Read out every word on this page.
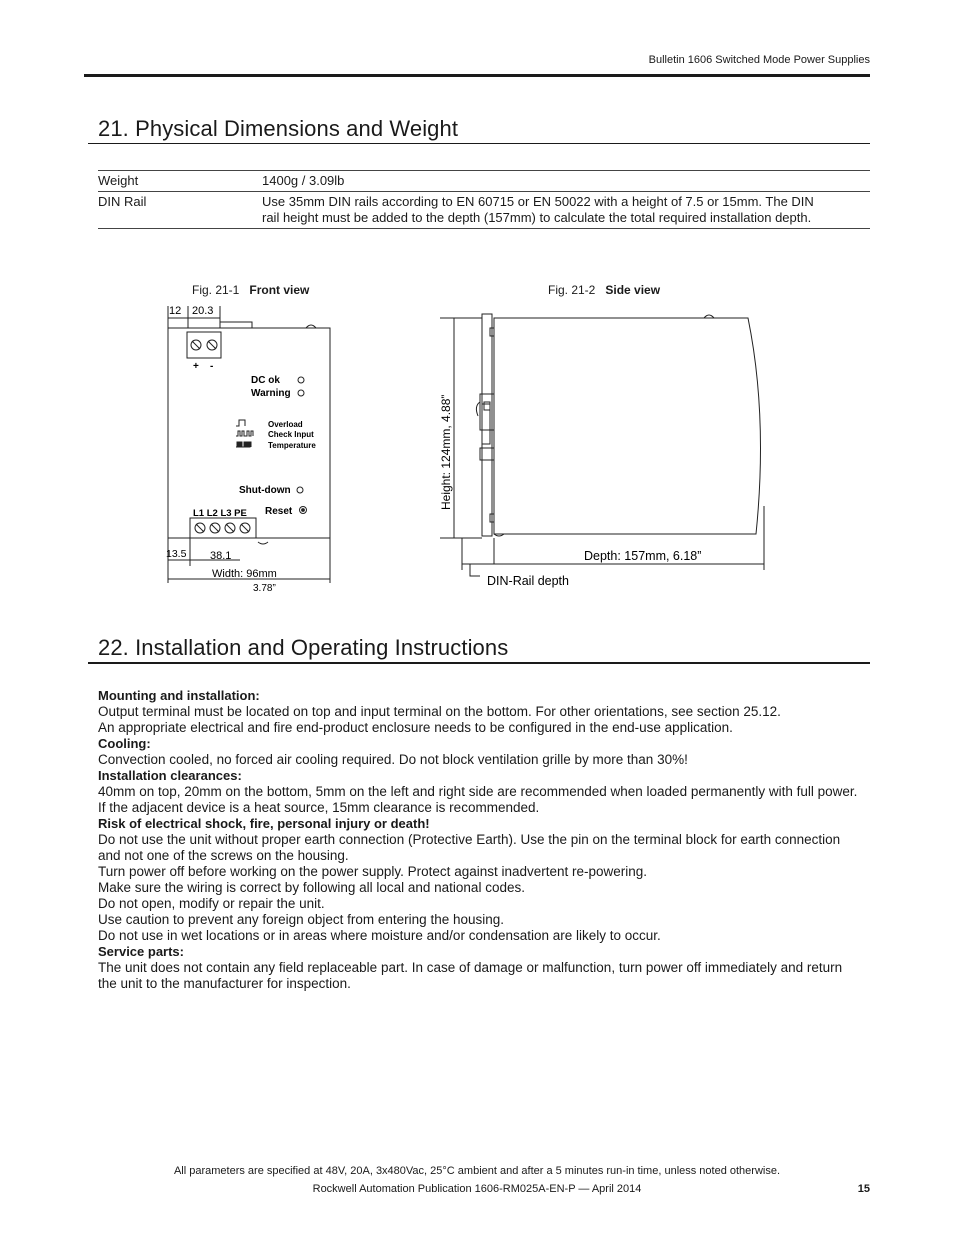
Bulletin 1606 Switched Mode Power Supplies
21. Physical Dimensions and Weight
Weight	1400g / 3.09lb
DIN Rail	Use 35mm DIN rails according to EN 60715 or EN 50022 with a height of 7.5 or 15mm. The DIN rail height must be added to the depth (157mm) to calculate the total required installation depth.
Fig. 21-1 Front view	Fig. 21-2 Side view
12 20.3
+ -
DC ok
Warning
Overload
Check Input
Temperature
Shut-down
Reset
L1 L2 L3 PE
13.5 38.1
Width: 96mm
3.78”
Height: 124mm, 4.88”
Depth: 157mm, 6.18”
DIN-Rail depth
22. Installation and Operating Instructions
Mounting and installation:

Output terminal must be located on top and input terminal on the bottom. For other orientations, see section 25.12.

An appropriate electrical and fire end-product enclosure needs to be configured in the end-use application.

Cooling:

Convection cooled, no forced air cooling required. Do not block ventilation grille by more than 30%!

Installation clearances:

40mm on top, 20mm on the bottom, 5mm on the left and right side are recommended when loaded permanently with full power. If the adjacent device is a heat source, 15mm clearance is recommended.

Risk of electrical shock, fire, personal injury or death!

Do not use the unit without proper earth connection (Protective Earth). Use the pin on the terminal block for earth connection and not one of the screws on the housing.

Turn power off before working on the power supply. Protect against inadvertent re-powering.

Make sure the wiring is correct by following all local and national codes.

Do not open, modify or repair the unit.

Use caution to prevent any foreign object from entering the housing.

Do not use in wet locations or in areas where moisture and/or condensation are likely to occur.

Service parts:

The unit does not contain any field replaceable part. In case of damage or malfunction, turn power off immediately and return the unit to the manufacturer for inspection.

All parameters are specified at 48V, 20A, 3x480Vac, 25°C ambient and after a 5 minutes run-in time, unless noted otherwise.
Rockwell Automation Publication 1606-RM025A-EN-P — April 2014	15
